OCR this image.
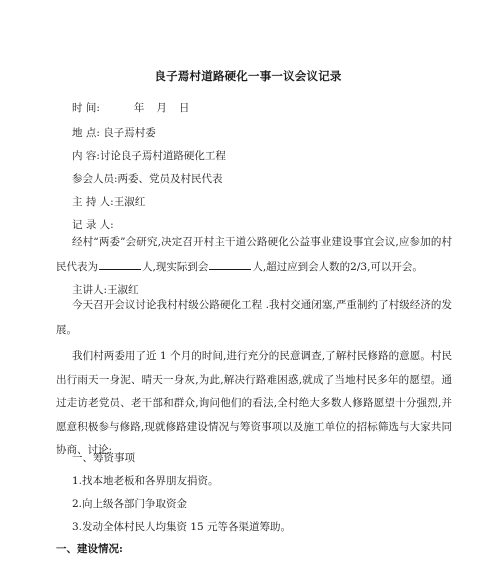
良子焉村道路硬化一事一议会议记录
时 间:	年 月 日
地 点: 良子焉村委
内 容:讨论良子焉村道路硬化工程
参会人员:两委、党员及村民代表
主 持 人:王淑红
记 录 人:
经村“两委”会研究,决定召开村主干道公路硬化公益事业建设事宜会议,应参加的村民代表为	人,现实际到会	人,超过应到会人数的2/3,可以开会。
主讲人:王淑红
今天召开会议讨论我村村级公路硬化工程 .我村交通闭塞,严重制约了村级经济的发展。
我们村两委用了近 1 个月的时间,进行充分的民意调查,了解村民修路的意愿。村民出行雨天一身泥、晴天一身灰,为此,解决行路难困惑,就成了当地村民多年的愿望。通过走访老党员、老干部和群众,询问他们的看法,全村绝大多数人修路愿望十分强烈,并愿意积极参与修路,现就修路建设情况与筹资事项以及施工单位的招标筛选与大家共同协商、讨论:
一、筹资事项
1.找本地老板和各界朋友捐资。
2.向上级各部门争取资金
3.发动全体村民人均集资 15 元等各渠道筹助。
一、建设情况:
